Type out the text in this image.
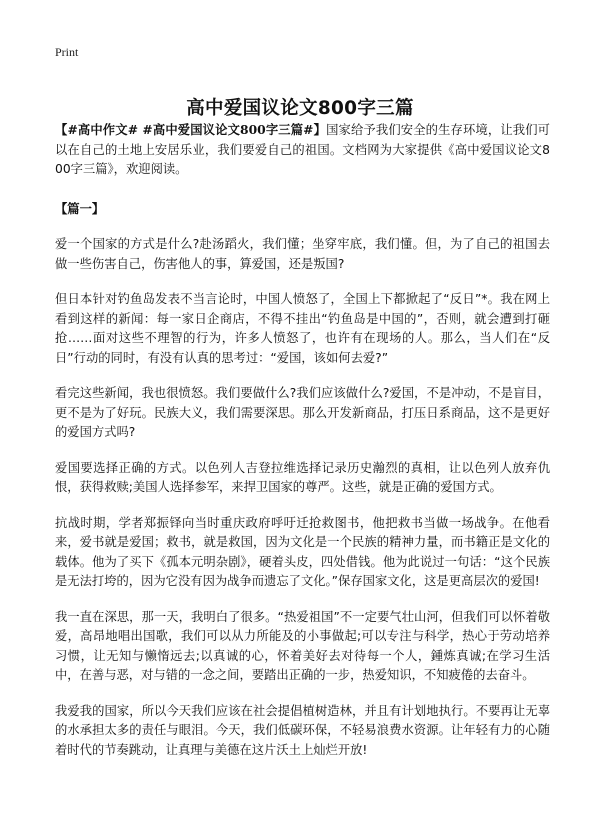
Print
高中爱国议论文800字三篇

【#高中作文# #高中爱国议论文800字三篇#】国家给予我们安全的生存环境，让我们可以在自己的土地上安居乐业，我们要爱自己的祖国。文档网为大家提供《高中爱国议论文800字三篇》，欢迎阅读。

【篇一】

爱一个国家的方式是什么?赴汤蹈火，我们懂；坐穿牢底，我们懂。但，为了自己的祖国去做一些伤害自己，伤害他人的事，算爱国，还是叛国?

但日本针对钓鱼岛发表不当言论时，中国人愤怒了，全国上下都掀起了“反日”*。我在网上看到这样的新闻：每一家日企商店，不得不挂出“钓鱼岛是中国的”，否则，就会遭到打砸抢……面对这些不理智的行为，许多人愤怒了，也许有在现场的人。那么，当人们在“反日”行动的同时，有没有认真的思考过：“爱国，该如何去爱?”

看完这些新闻，我也很愤怒。我们要做什么?我们应该做什么?爱国，不是冲动，不是盲目，更不是为了好玩。民族大义，我们需要深思。那么开发新商品，打压日系商品，这不是更好的爱国方式吗?

爱国要选择正确的方式。以色列人吉登拉维选择记录历史瀚烈的真相，让以色列人放弃仇恨，获得救赎;美国人选择参军，来捍卫国家的尊严。这些，就是正确的爱国方式。

抗战时期，学者郑振铎向当时重庆政府呼吁迁抢救图书，他把救书当做一场战争。在他看来，爱书就是爱国；救书，就是救国，因为文化是一个民族的精神力量，而书籍正是文化的载体。他为了买下《孤本元明杂剧》，硬着头皮，四处借钱。他为此说过一句话：“这个民族是无法打垮的，因为它没有因为战争而遗忘了文化。”保存国家文化，这是更高层次的爱国!

我一直在深思，那一天，我明白了很多。“热爱祖国”不一定要气壮山河，但我们可以怀着敬爱，高昂地唱出国歌，我们可以从力所能及的小事做起;可以专注与科学，热心于劳动培养习惯，让无知与懒惰远去;以真诚的心，怀着美好去对待每一个人，鍾炼真诚;在学习生活中，在善与恶，对与错的一念之间，要踏出正确的一步，热爱知识，不知疲倦的去奋斗。

我爱我的国家，所以今天我们应该在社会提倡植树造林，并且有计划地执行。不要再让无辜的水承担太多的责任与眼泪。今天，我们低碳环保，不轻易浪费水资源。让年轻有力的心随着时代的节奏跳动，让真理与美德在这片沃土上灿烂开放!
